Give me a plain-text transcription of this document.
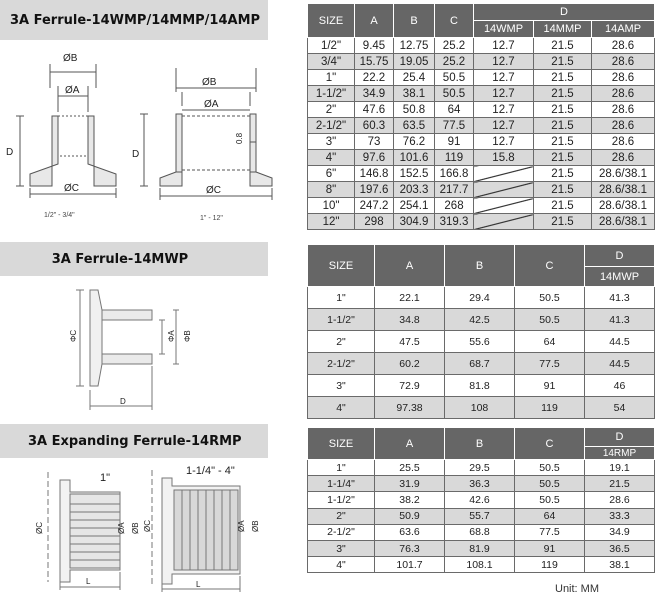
3A Ferrule-14WMP/14MMP/14AMP
3A Ferrule-14MWP
3A Expanding Ferrule-14RMP
ØB
ØA
D
ØC
1/2" - 3/4"
ØB
ØA
D
0.8
ØC
1" - 12"
ΦC	ΦB
ΦA
D
1"
ØC	ØA ØB
L
1-1/4" - 4"
ØC	ØA ØB
L
SIZE	A	B	C	D		
				14WMP	14MMP	14AMP
1/2"	9.45	12.75	25.2	12.7	21.5	28.6
3/4"	15.75	19.05	25.2	12.7	21.5	28.6
1"	22.2	25.4	50.5	12.7	21.5	28.6
1-1/2"	34.9	38.1	50.5	12.7	21.5	28.6
2"	47.6	50.8	64	12.7	21.5	28.6
2-1/2"	60.3	63.5	77.5	12.7	21.5	28.6
3"	73	76.2	91	12.7	21.5	28.6
4"	97.6	101.6	119	15.8	21.5	28.6
6"	146.8	152.5	166.8		21.5	28.6/38.1
8"	197.6	203.3	217.7		21.5	28.6/38.1
10"	247.2	254.1	268		21.5	28.6/38.1
12"	298	304.9	319.3		21.5	28.6/38.1
SIZE	A	B	C	D
				14MWP
1"	22.1	29.4	50.5	41.3
1-1/2"	34.8	42.5	50.5	41.3
2"	47.5	55.6	64	44.5
2-1/2"	60.2	68.7	77.5	44.5
3"	72.9	81.8	91	46
4"	97.38	108	119	54
SIZE	A	B	C	D
				14RMP
1"	25.5	29.5	50.5	19.1
1-1/4"	31.9	36.3	50.5	21.5
1-1/2"	38.2	42.6	50.5	28.6
2"	50.9	55.7	64	33.3
2-1/2"	63.6	68.8	77.5	34.9
3"	76.3	81.9	91	36.5
4"	101.7	108.1	119	38.1
Unit: MM
